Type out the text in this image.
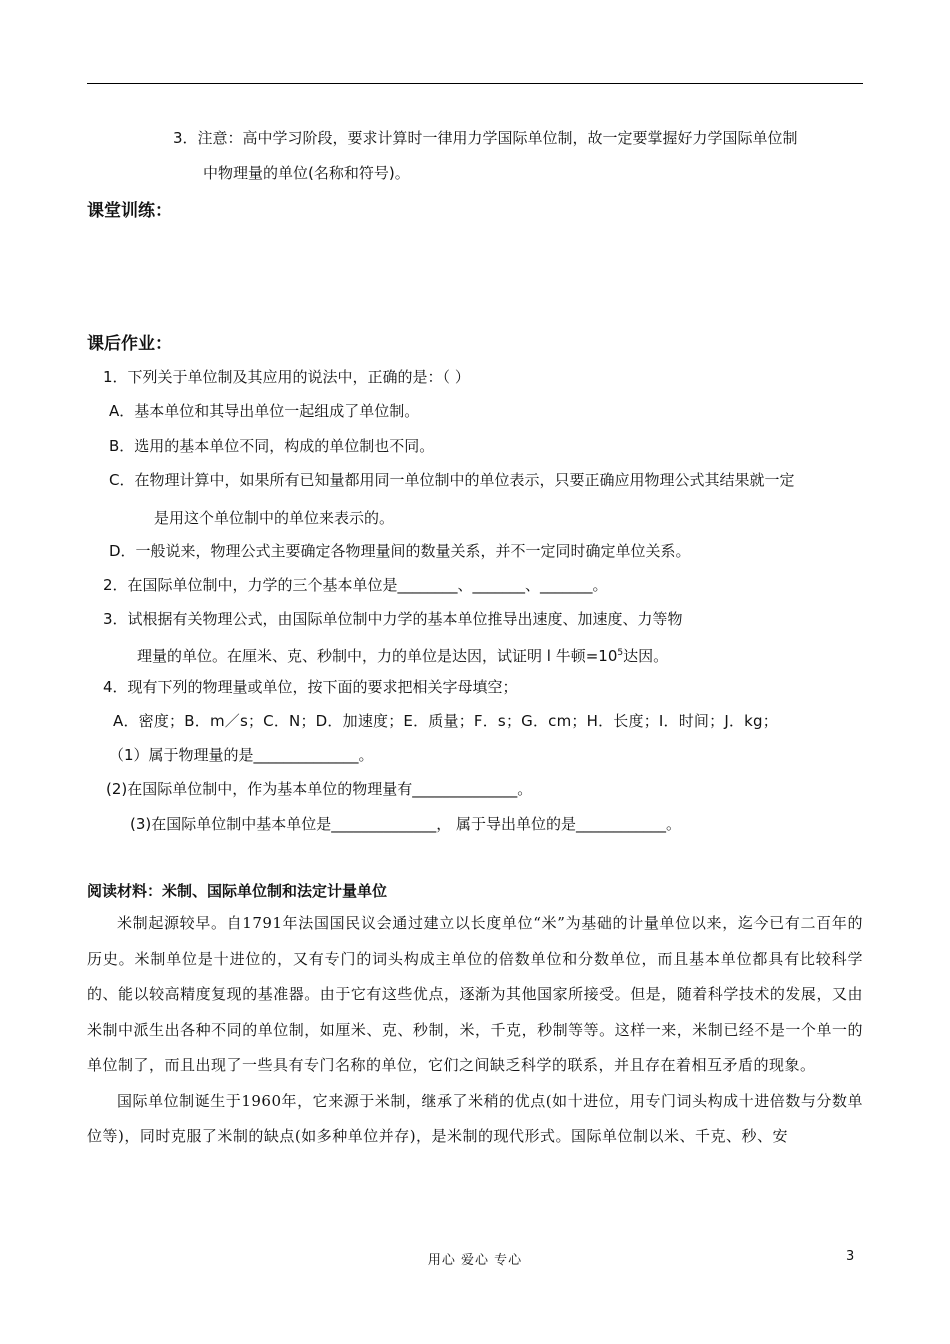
3．注意：高中学习阶段，要求计算时一律用力学国际单位制，故一定要掌握好力学国际单位制
中物理量的单位(名称和符号)。
课堂训练：
课后作业：
1．下列关于单位制及其应用的说法中，正确的是：（ ）
A．基本单位和其导出单位一起组成了单位制。
B．选用的基本单位不同，构成的单位制也不同。
C．在物理计算中，如果所有已知量都用同一单位制中的单位表示，只要正确应用物理公式其结果就一定
是用这个单位制中的单位来表示的。
D．一般说来，物理公式主要确定各物理量间的数量关系，并不一定同时确定单位关系。
2．在国际单位制中，力学的三个基本单位是________、_______、_______。
3．试根据有关物理公式，由国际单位制中力学的基本单位推导出速度、加速度、力等物
理量的单位。在厘米、克、秒制中，力的单位是达因，试证明 l 牛顿$=10^5$达因。
4．现有下列的物理量或单位，按下面的要求把相关字母填空；
A．密度；B．m／s；C．N；D．加速度；E．质量；F．s；G．cm；H．长度；I．时间；J．kg；
（1）属于物理量的是______________。
(2)在国际单位制中，作为基本单位的物理量有______________。
(3)在国际单位制中基本单位是______________， 属于导出单位的是____________。
阅读材料：米制、国际单位制和法定计量单位

米制起源较早。自1791年法国国民议会通过建立以长度单位“米”为基础的计量单位以来，迄今已有二百年的历史。米制单位是十进位的，又有专门的词头构成主单位的倍数单位和分数单位，而且基本单位都具有比较科学的、能以较高精度复现的基准器。由于它有这些优点，逐渐为其他国家所接受。但是，随着科学技术的发展，又由米制中派生出各种不同的单位制，如厘米、克、秒制，米，千克，秒制等等。这样一来，米制已经不是一个单一的单位制了，而且出现了一些具有专门名称的单位，它们之间缺乏科学的联系，并且存在着相互矛盾的现象。

国际单位制诞生于1960年，它来源于米制，继承了米稍的优点(如十进位，用专门词头构成十进倍数与分数单位等)，同时克服了米制的缺点(如多种单位并存)，是米制的现代形式。国际单位制以米、千克、秒、安

用心 爱心 专心	3
